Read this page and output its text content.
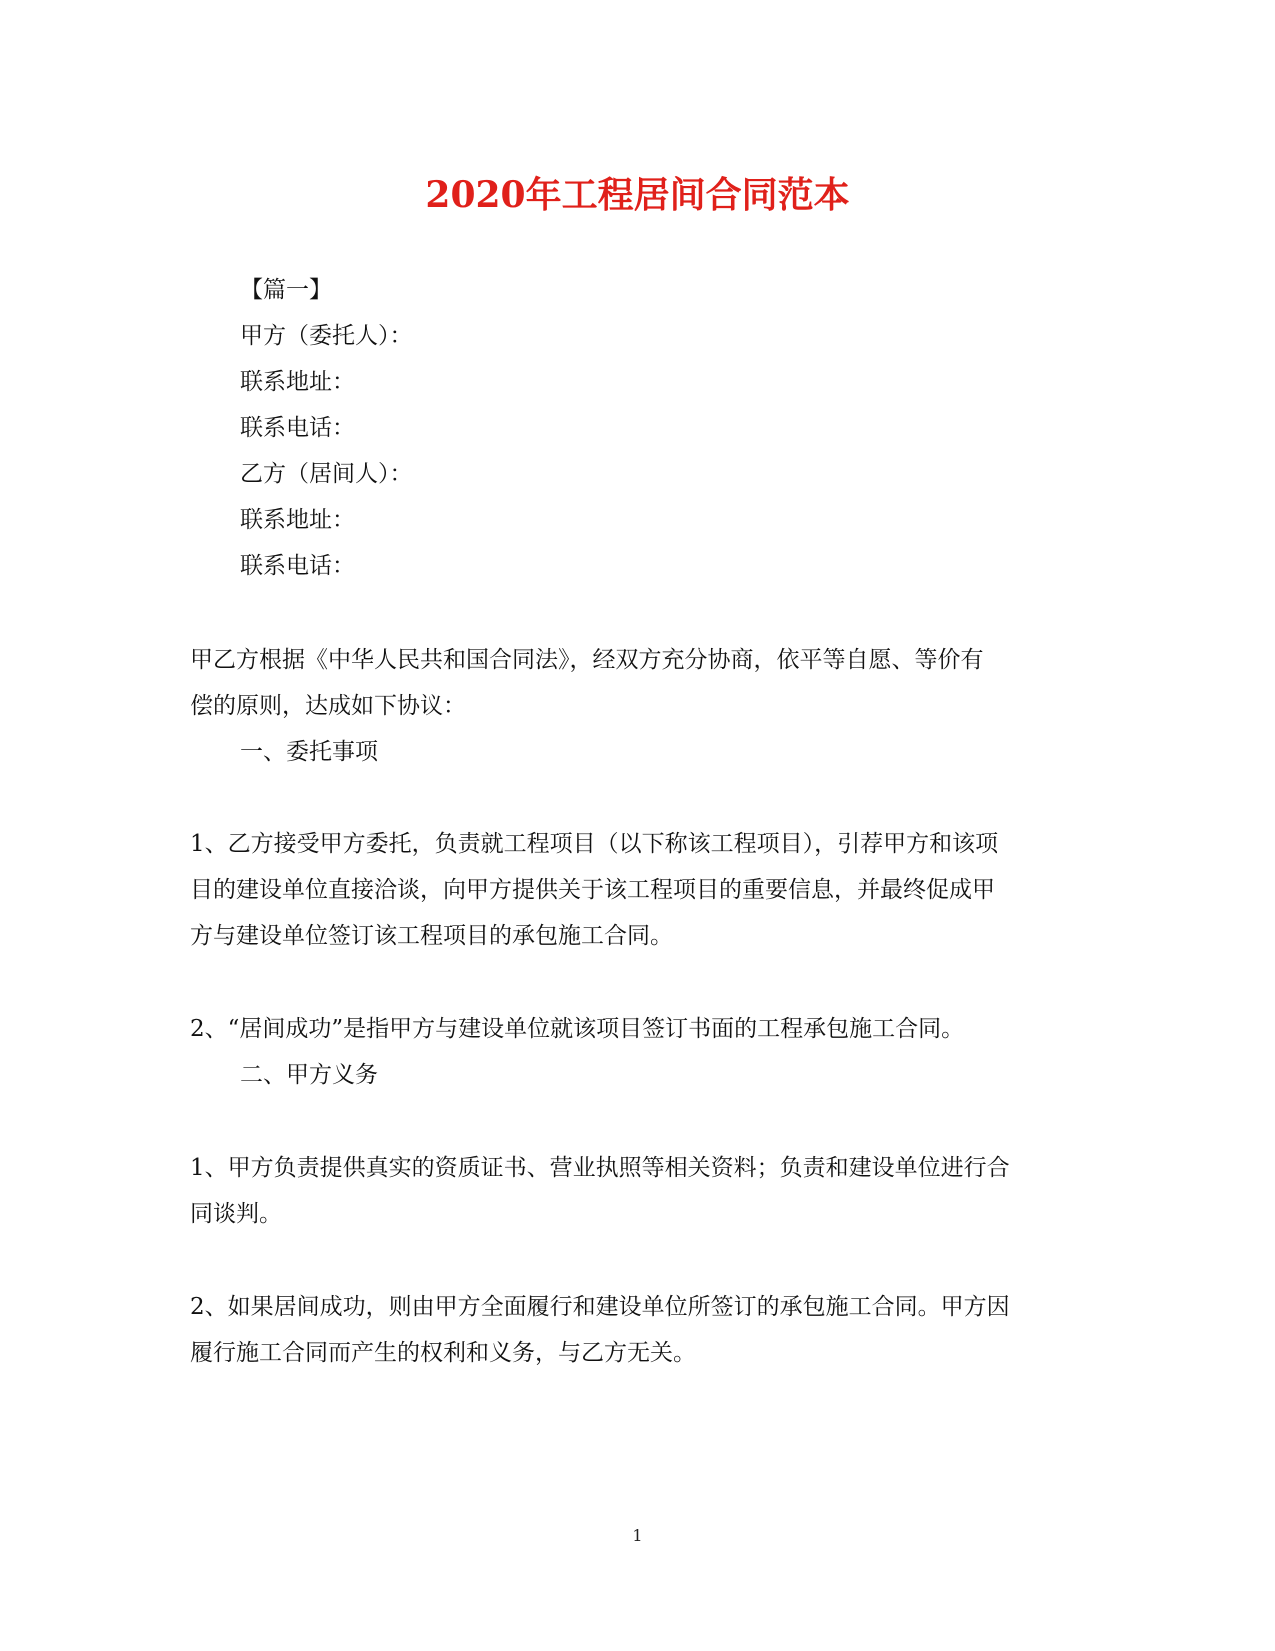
2020年工程居间合同范本
【篇一】
甲方（委托人）：
联系地址：
联系电话：
乙方（居间人）：
联系地址：
联系电话：
甲乙方根据《中华人民共和国合同法》，经双方充分协商，依平等自愿、等价有
偿的原则，达成如下协议：
一、委托事项
1、乙方接受甲方委托，负责就工程项目（以下称该工程项目），引荐甲方和该项
目的建设单位直接洽谈，向甲方提供关于该工程项目的重要信息，并最终促成甲
方与建设单位签订该工程项目的承包施工合同。
2、“居间成功”是指甲方与建设单位就该项目签订书面的工程承包施工合同。
二、甲方义务
1、甲方负责提供真实的资质证书、营业执照等相关资料；负责和建设单位进行合
同谈判。
2、如果居间成功，则由甲方全面履行和建设单位所签订的承包施工合同。甲方因
履行施工合同而产生的权利和义务，与乙方无关。
1
